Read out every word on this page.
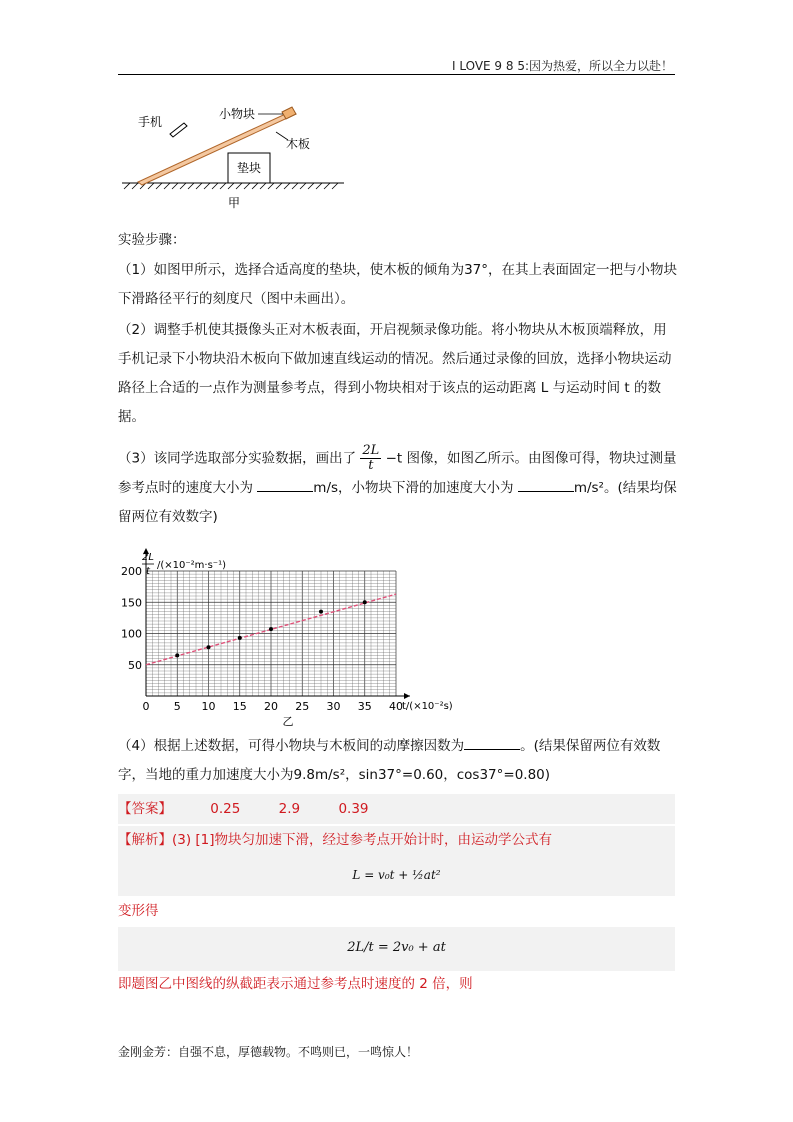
I LOVE 9 8 5:因为热爱，所以全力以赴！
垫块
手机
小物块
木板
甲
实验步骤：
（1）如图甲所示，选择合适高度的垫块，使木板的倾角为37°，在其上表面固定一把与小物块下滑路径平行的刻度尺（图中未画出）。
（2）调整手机使其摄像头正对木板表面，开启视频录像功能。将小物块从木板顶端释放，用手机记录下小物块沿木板向下做加速直线运动的情况。然后通过录像的回放，选择小物块运动路径上合适的一点作为测量参考点，得到小物块相对于该点的运动距离 L 与运动时间 t 的数据。
（3）该同学选取部分实验数据，画出了 $\frac{2L}{t} -t$ 图像，如图乙所示。由图像可得，物块过测量参考点时的速度大小为	m/s，小物块下滑的加速度大小为	m/s²。(结果均保留两位有效数字)
0 5 10 15 20 25 30 35 40
50
100
150
200
2L
t
/(×10⁻²m·s⁻¹)
t/(×10⁻²s)
乙
（4）根据上述数据，可得小物块与木板间的动摩擦因数为	。(结果保留两位有效数字，当地的重力加速度大小为9.8m/s²，sin37°=0.60，cos37°=0.80)
【答案】	0.25	2.9	0.39
【解析】(3) [1]物块匀加速下滑，经过参考点开始计时，由运动学公式有
L = v₀t + ½at²
变形得
2L/t = 2v₀ + at
即题图乙中图线的纵截距表示通过参考点时速度的 2 倍，则
金刚金芳：自强不息，厚德载物。不鸣则已，一鸣惊人！
